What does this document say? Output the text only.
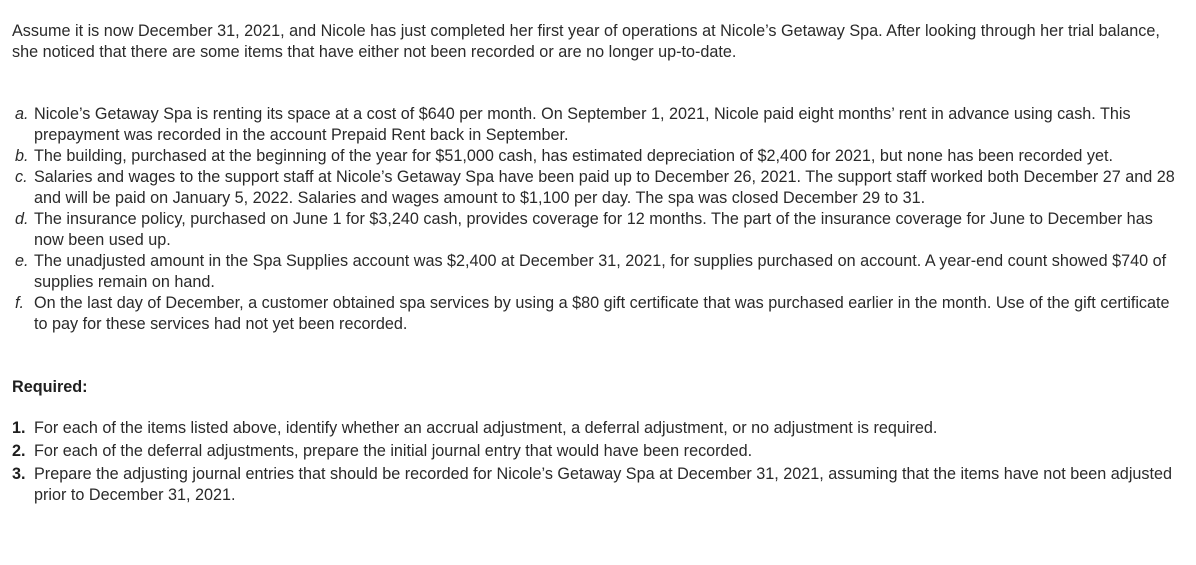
Assume it is now December 31, 2021, and Nicole has just completed her first year of operations at Nicole’s Getaway Spa. After looking through her trial balance, she noticed that there are some items that have either not been recorded or are no longer up-to-date.

a. Nicole’s Getaway Spa is renting its space at a cost of $640 per month. On September 1, 2021, Nicole paid eight months’ rent in advance using cash. This prepayment was recorded in the account Prepaid Rent back in September.
b. The building, purchased at the beginning of the year for $51,000 cash, has estimated depreciation of $2,400 for 2021, but none has been recorded yet.
c. Salaries and wages to the support staff at Nicole’s Getaway Spa have been paid up to December 26, 2021. The support staff worked both December 27 and 28 and will be paid on January 5, 2022. Salaries and wages amount to $1,100 per day. The spa was closed December 29 to 31.
d. The insurance policy, purchased on June 1 for $3,240 cash, provides coverage for 12 months. The part of the insurance coverage for June to December has now been used up.
e. The unadjusted amount in the Spa Supplies account was $2,400 at December 31, 2021, for supplies purchased on account. A year-end count showed $740 of supplies remain on hand.
f. On the last day of December, a customer obtained spa services by using a $80 gift certificate that was purchased earlier in the month. Use of the gift certificate to pay for these services had not yet been recorded.

Required:

1. For each of the items listed above, identify whether an accrual adjustment, a deferral adjustment, or no adjustment is required.
2. For each of the deferral adjustments, prepare the initial journal entry that would have been recorded.
3. Prepare the adjusting journal entries that should be recorded for Nicole’s Getaway Spa at December 31, 2021, assuming that the items have not been adjusted prior to December 31, 2021.
